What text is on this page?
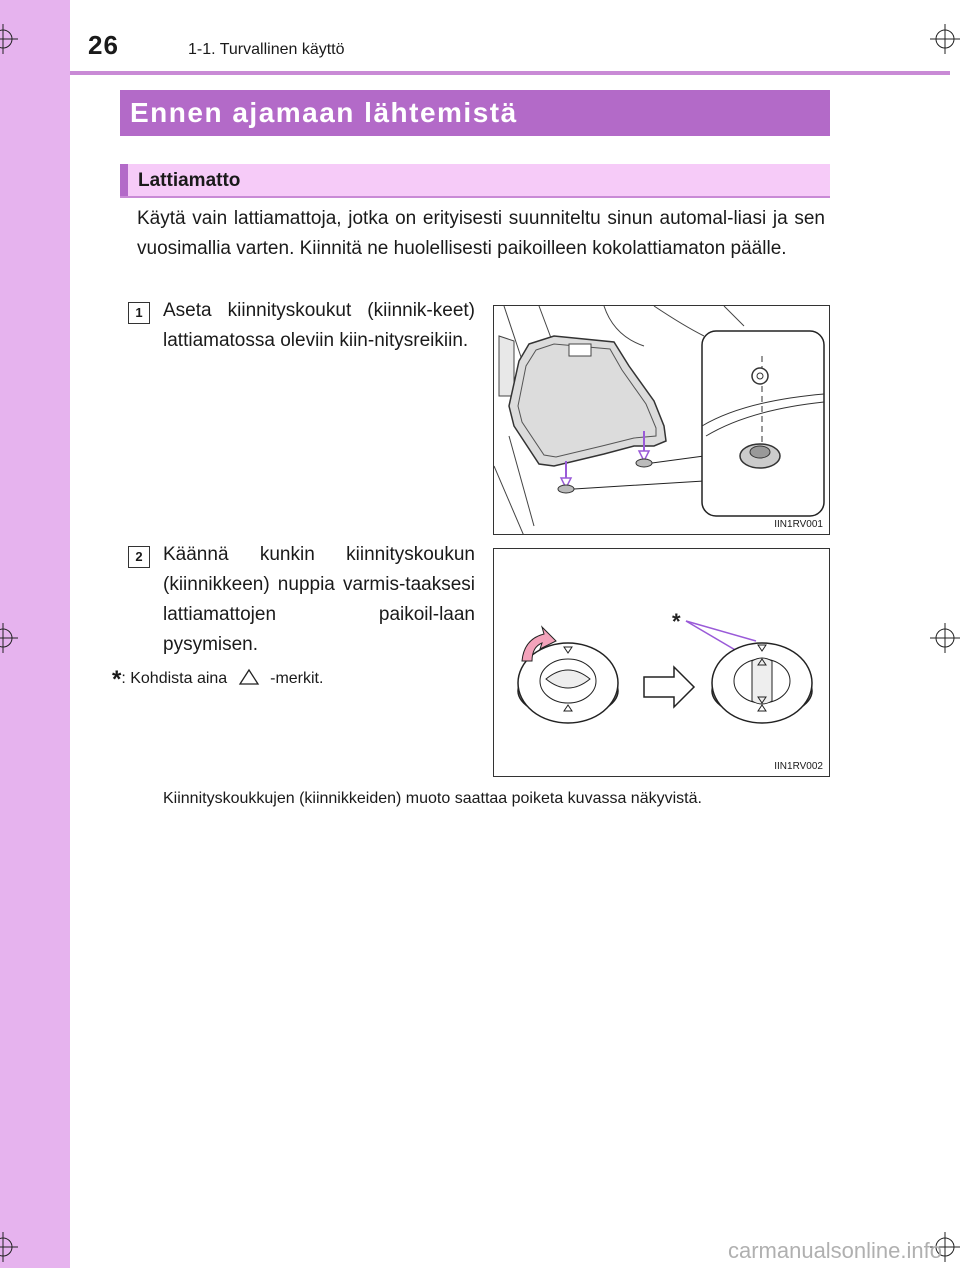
26	1-1. Turvallinen käyttö
Ennen ajamaan lähtemistä
Lattiamatto
Käytä vain lattiamattoja, jotka on erityisesti suunniteltu sinun automal-liasi ja sen vuosimallia varten. Kiinnitä ne huolellisesti paikoilleen kokolattiamaton päälle.
1	Aseta kiinnityskoukut (kiinnik-keet) lattiamatossa oleviin kiin-nitysreikiin.
IIN1RV001
2	Käännä kunkin kiinnityskoukun (kiinnikkeen) nuppia varmis-taaksesi lattiamattojen paikoil-laan pysymisen.
*
IIN1RV002
*: Kohdista aina	-merkit.
Kiinnityskoukkujen (kiinnikkeiden) muoto saattaa poiketa kuvassa näkyvistä.
carmanualsonline.info
